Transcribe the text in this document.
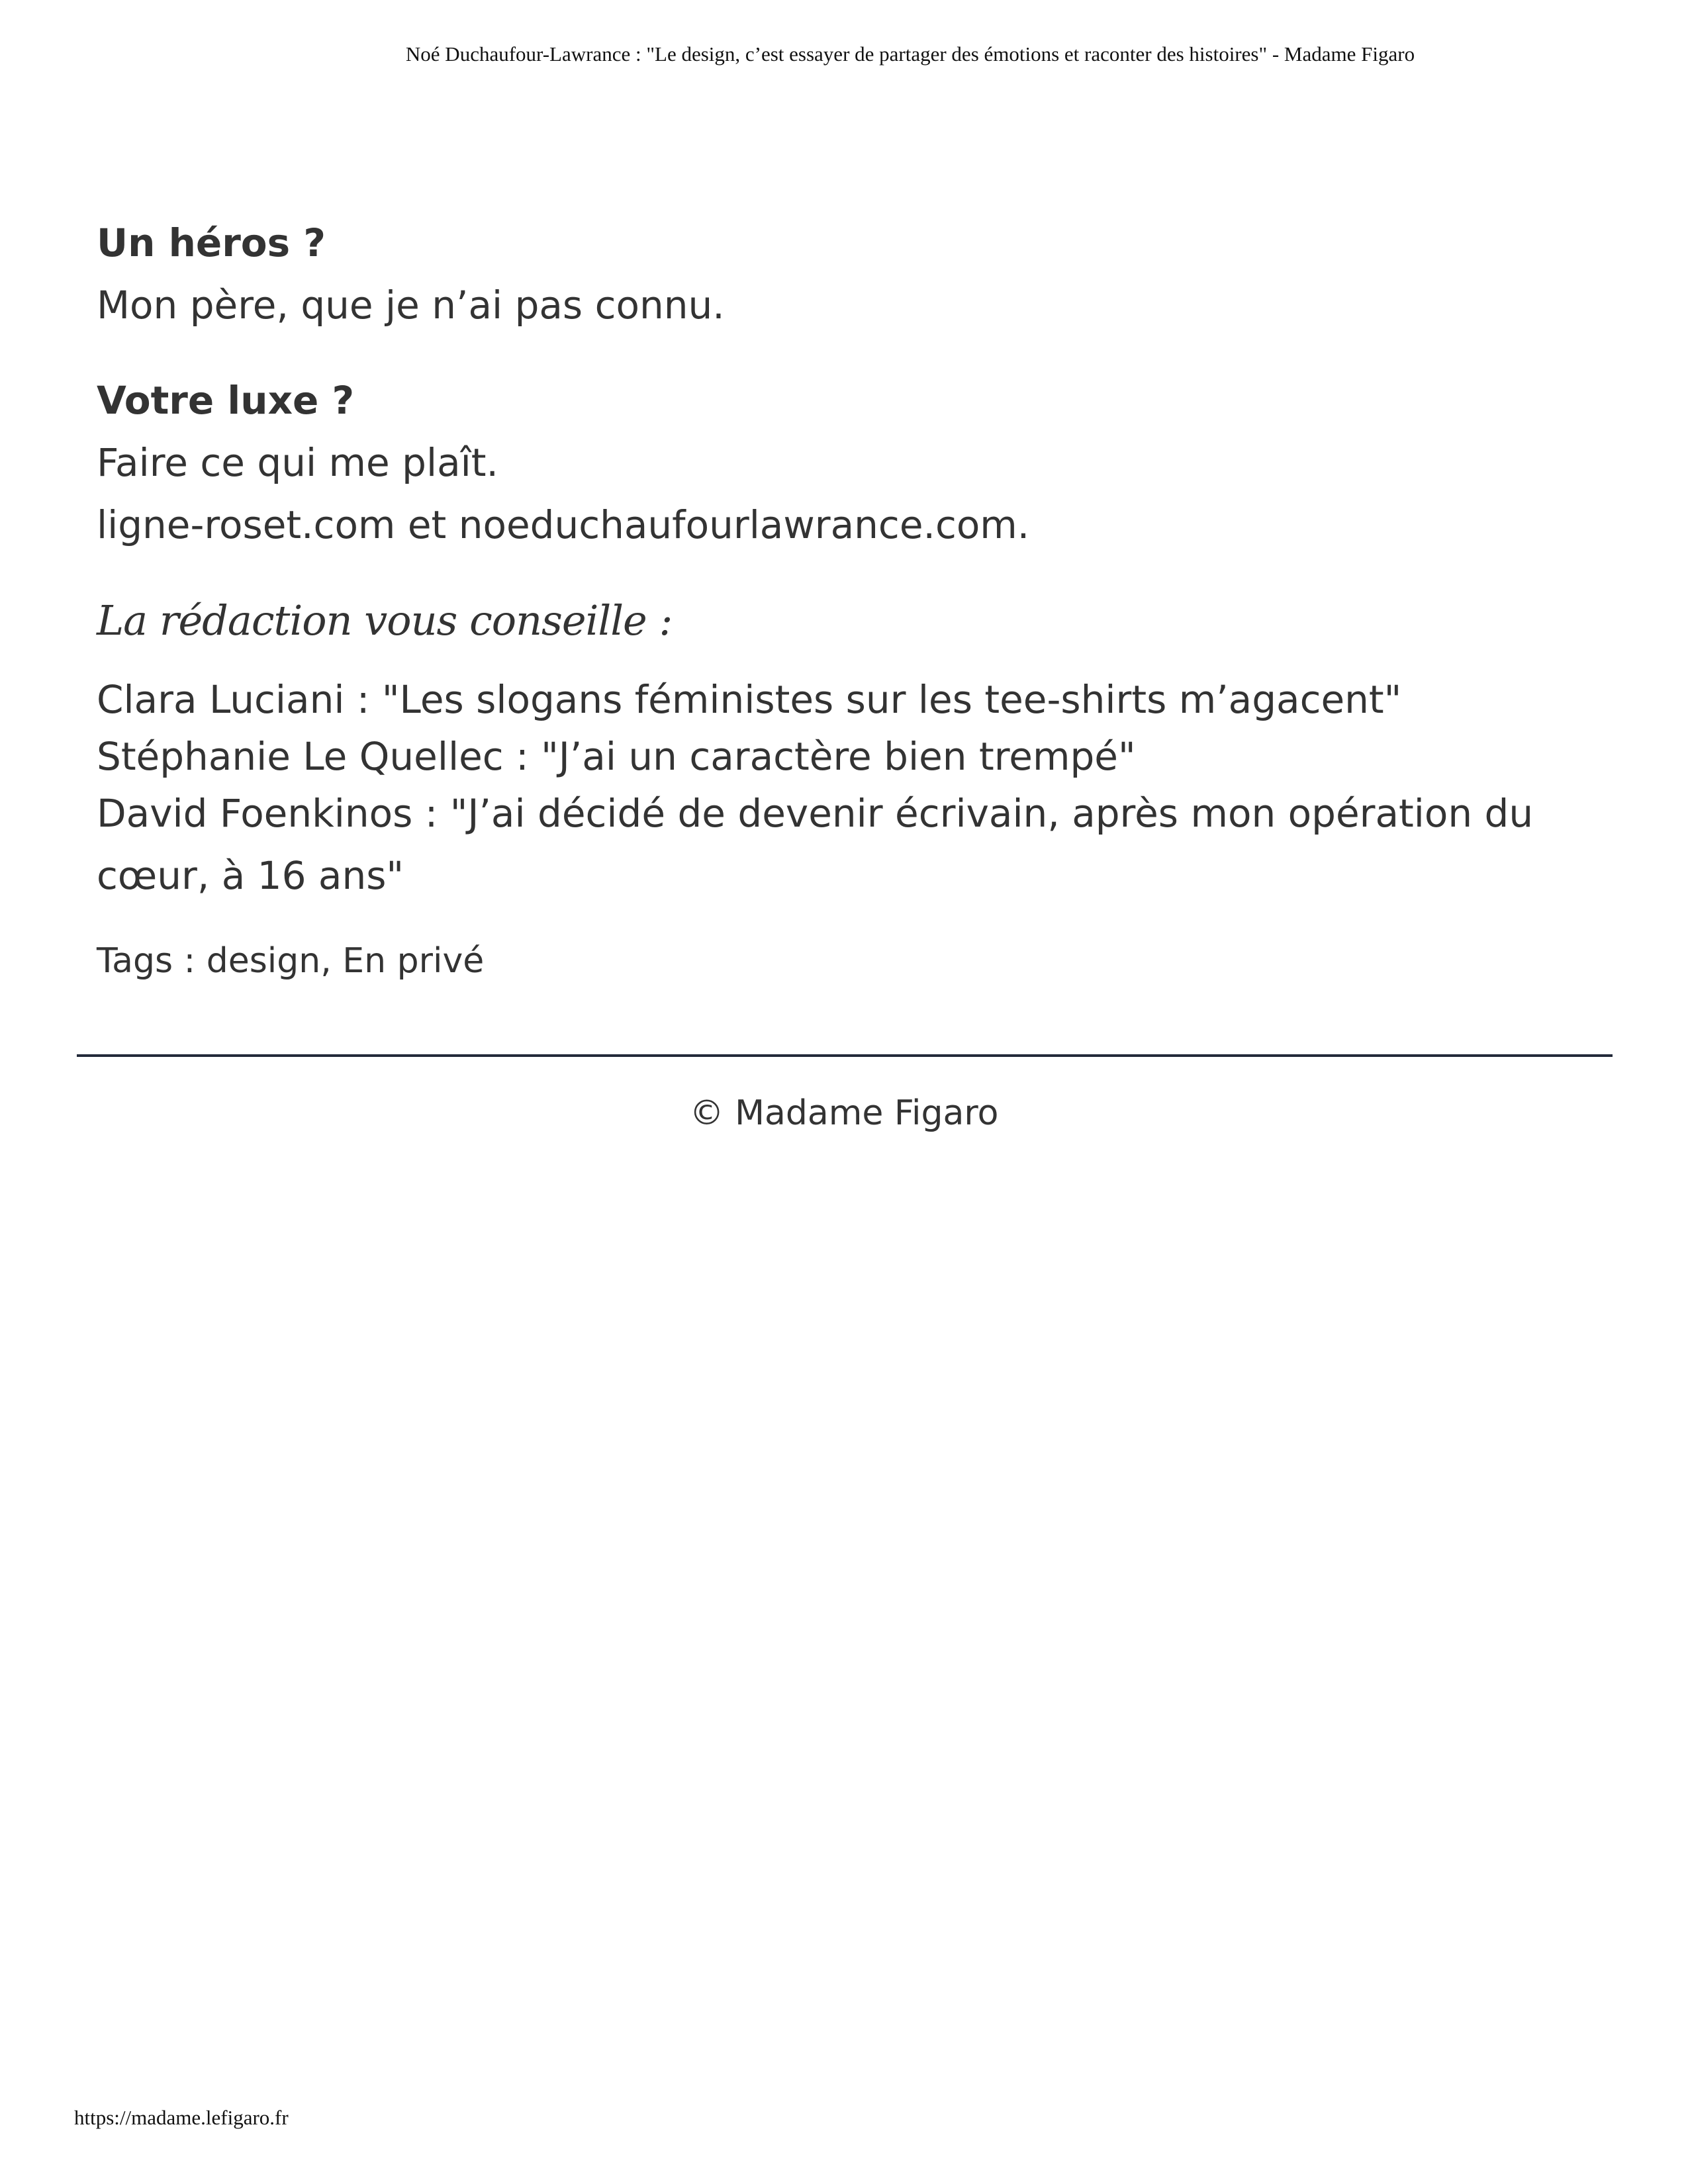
Noé Duchaufour-Lawrance : "Le design, c’est essayer de partager des émotions et raconter des histoires" - Madame Figaro
Un héros ?
Mon père, que je n’ai pas connu.
Votre luxe ?
Faire ce qui me plaît.
ligne-roset.com et noeduchaufourlawrance.com.
La rédaction vous conseille :
Clara Luciani : "Les slogans féministes sur les tee-shirts m’agacent"
Stéphanie Le Quellec : "J’ai un caractère bien trempé"
David Foenkinos : "J’ai décidé de devenir écrivain, après mon opération du cœur, à 16 ans"
Tags : design, En privé
© Madame Figaro
https://madame.lefigaro.fr
